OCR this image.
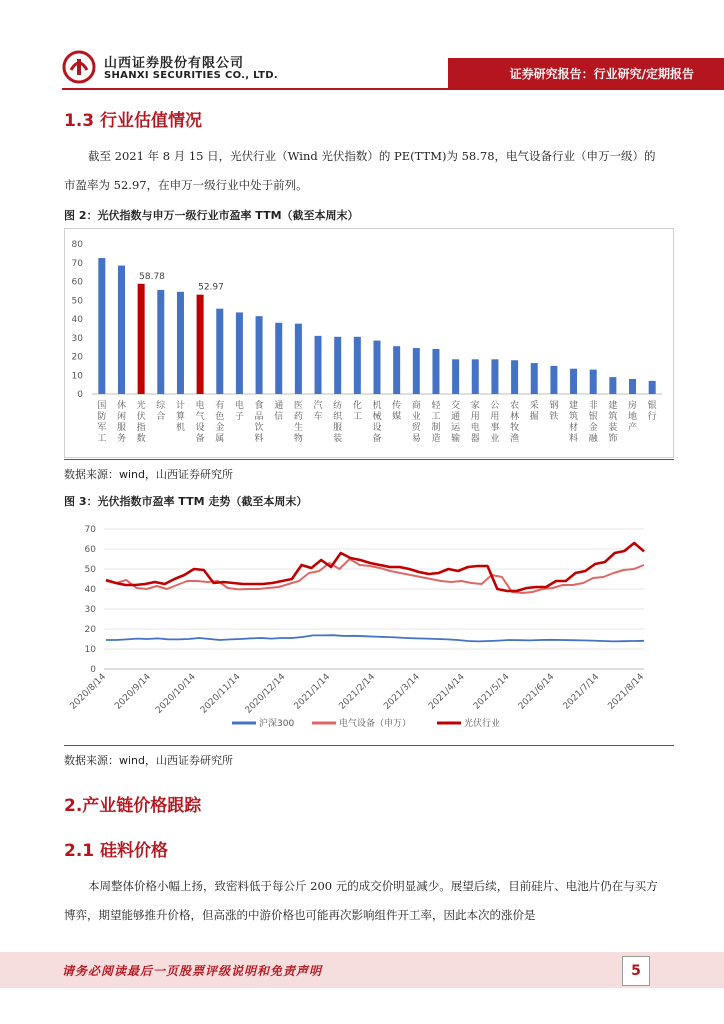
山西证券股份有限公司
SHANXI SECURITIES CO., LTD.	证券研究报告：行业研究/定期报告
1.3 行业估值情况

截至 2021 年 8 月 15 日，光伏行业（Wind 光伏指数）的 PE(TTM)为 58.78，电气设备行业（申万一级）的市盈率为 52.97，在申万一级行业中处于前列。

图 2：光伏指数与申万一级行业市盈率 TTM（截至本周末）
0
10
20
30
40
50
60
70
80
58.78
52.97
国防军工
休闲服务
光伏指数
综合
计算机
电气设备
有色金属
电子
食品饮料
通信
医药生物
汽车
纺织服装
化工
机械设备
传媒
商业贸易
轻工制造
交通运输
家用电器
公用事业
农林牧渔
采掘
钢铁
建筑材料
非银金融
建筑装饰
房地产
银行
数据来源：wind，山西证券研究所
图 3：光伏指数市盈率 TTM 走势（截至本周末）
0
10
20
30
40
50
60
70
2020/8/14 2020/9/14 2020/10/14 2020/11/14 2020/12/14 2021/1/14 2021/2/14 2021/3/14 2021/4/14 2021/5/14 2021/6/14 2021/7/14 2021/8/14
沪深300	电气设备（申万）	光伏行业
数据来源：wind，山西证券研究所
2.产业链价格跟踪
2.1 硅料价格

本周整体价格小幅上扬，致密料低于每公斤 200 元的成交价明显减少。展望后续，目前硅片、电池片仍在与买方博弈，期望能够推升价格，但高涨的中游价格也可能再次影响组件开工率，因此本次的涨价是

请务必阅读最后一页股票评级说明和免责声明	5
